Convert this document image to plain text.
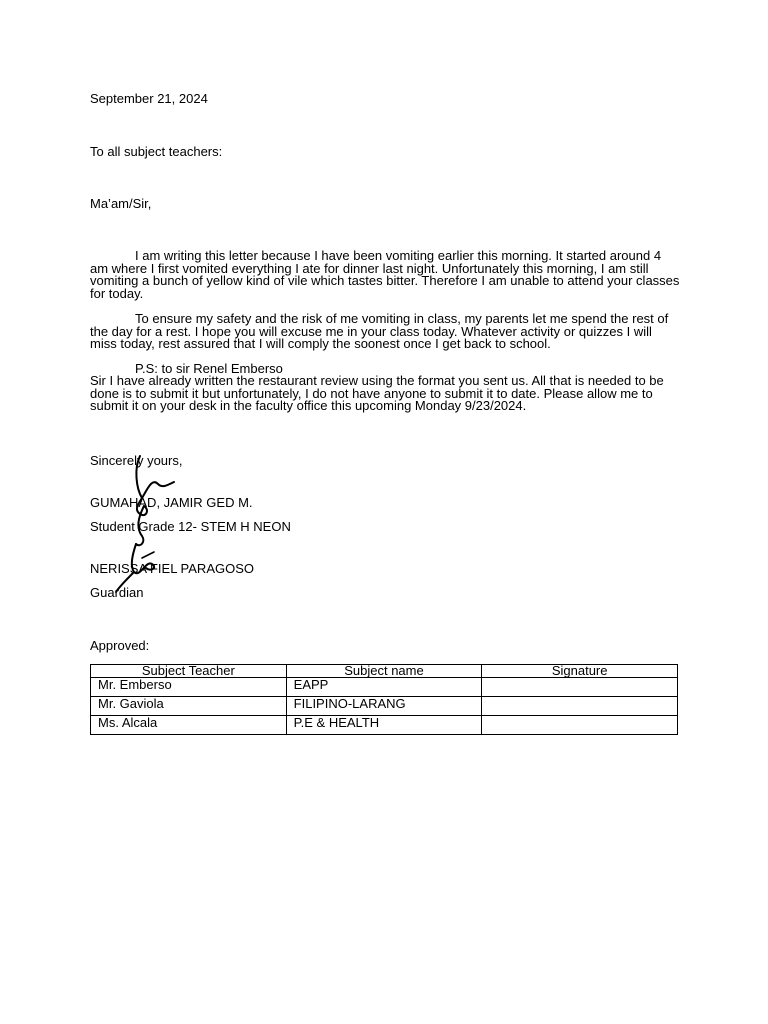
September 21, 2024
To all subject teachers:
Ma’am/Sir,
I am writing this letter because I have been vomiting earlier this morning. It started around 4 am where I first vomited everything I ate for dinner last night. Unfortunately this morning, I am still vomiting a bunch of yellow kind of vile which tastes bitter. Therefore I am unable to attend your classes for today.
To ensure my safety and the risk of me vomiting in class, my parents let me spend the rest of the day for a rest. I hope you will excuse me in your class today. Whatever activity or quizzes I will miss today, rest assured that I will comply the soonest once I get back to school.
P.S: to sir Renel Emberso
Sir I have already written the restaurant review using the format you sent us. All that is needed to be done is to submit it but unfortunately, I do not have anyone to submit it to date. Please allow me to submit it on your desk in the faculty office this upcoming Monday 9/23/2024.
Sincerely yours,
GUMAHAD, JAMIR GED M.
Student Grade 12- STEM H NEON
NERISSA FIEL PARAGOSO
Guardian
Approved:
Subject Teacher	Subject name	Signature
Mr. Emberso	EAPP	
Mr. Gaviola	FILIPINO-LARANG	
Ms. Alcala	P.E & HEALTH	
